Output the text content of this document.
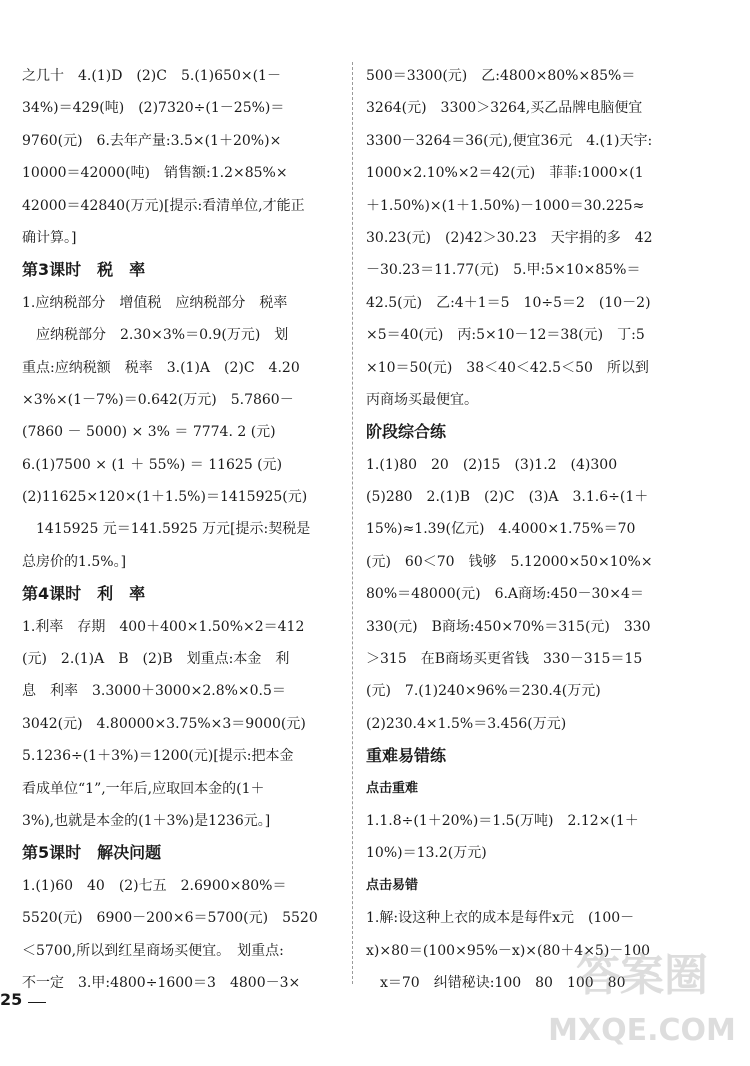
之几十　4.(1)D　(2)C　5.(1)650×(1－
34%)＝429(吨)　(2)7320÷(1－25%)＝
9760(元)　6.去年产量:3.5×(1＋20%)×
10000＝42000(吨)　销售额:1.2×85%×
42000＝42840(万元)[提示:看清单位,才能正
确计算。]
第3课时　税　率
1.应纳税部分　增值税　应纳税部分　税率
应纳税部分　2.30×3%＝0.9(万元)　划
重点:应纳税额　税率　3.(1)A　(2)C　4.20
×3%×(1－7%)＝0.642(万元)　5.7860－
(7860 － 5000) × 3% ＝ 7774. 2 (元)
6.(1)7500 × (1 ＋ 55%) ＝ 11625 (元)
(2)11625×120×(1＋1.5%)＝1415925(元)
1415925 元＝141.5925 万元[提示:契税是
总房价的1.5%。]
第4课时　利　率
1.利率　存期　400＋400×1.50%×2＝412
(元)　2.(1)A　B　(2)B　划重点:本金　利
息　利率　3.3000＋3000×2.8%×0.5＝
3042(元)　4.80000×3.75%×3＝9000(元)
5.1236÷(1＋3%)＝1200(元)[提示:把本金
看成单位“1”,一年后,应取回本金的(1＋
3%),也就是本金的(1＋3%)是1236元。]
第5课时　解决问题
1.(1)60　40　(2)七五　2.6900×80%＝
5520(元)　6900－200×6＝5700(元)　5520
＜5700,所以到红星商场买便宜。　划重点:
不一定　3.甲:4800÷1600＝3　4800－3×
500＝3300(元)　乙:4800×80%×85%＝
3264(元)　3300＞3264,买乙品牌电脑便宜
3300－3264＝36(元),便宜36元　4.(1)天宇:
1000×2.10%×2＝42(元)　菲菲:1000×(1
＋1.50%)×(1＋1.50%)－1000＝30.225≈
30.23(元)　(2)42＞30.23　天宇捐的多　42
－30.23＝11.77(元)　5.甲:5×10×85%＝
42.5(元)　乙:4＋1＝5　10÷5＝2　(10－2)
×5＝40(元)　丙:5×10－12＝38(元)　丁:5
×10＝50(元)　38＜40＜42.5＜50　所以到
丙商场买最便宜。
阶段综合练
1.(1)80　20　(2)15　(3)1.2　(4)300
(5)280　2.(1)B　(2)C　(3)A　3.1.6÷(1＋
15%)≈1.39(亿元)　4.4000×1.75%＝70
(元)　60＜70　钱够　5.12000×50×10%×
80%＝48000(元)　6.A商场:450－30×4＝
330(元)　B商场:450×70%＝315(元)　330
＞315　在B商场买更省钱　330－315＝15
(元)　7.(1)240×96%＝230.4(万元)
(2)230.4×1.5%＝3.456(万元)
重难易错练
点击重难
1.1.8÷(1＋20%)＝1.5(万吨)　2.12×(1＋
10%)＝13.2(万元)
点击易错
1.解:设这种上衣的成本是每件x元　(100－
x)×80＝(100×95%－x)×(80＋4×5)－100
x＝70　纠错秘诀:100　80　100　80
25	答案圈
MXQE.COM
